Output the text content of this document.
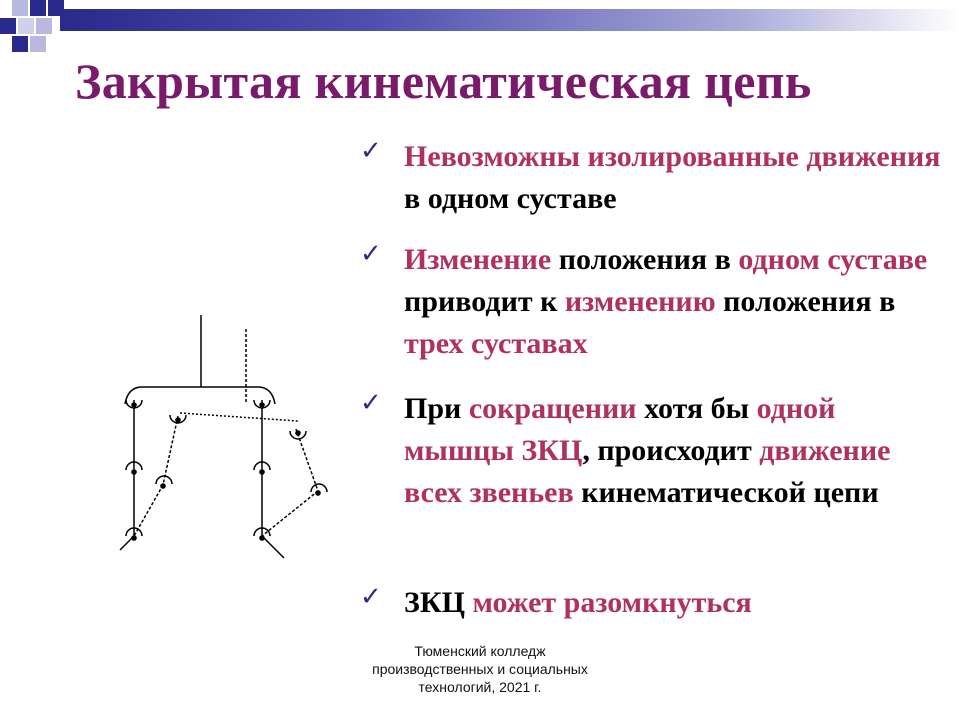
Закрытая кинематическая цепь
✓ Невозможны изолированные движения в одном суставе
✓ Изменение положения в одном суставе приводит к изменению положения в трех суставах
✓ При сокращении хотя бы одной мышцы ЗКЦ, происходит движение всех звеньев кинематической цепи
✓ ЗКЦ может разомкнуться
Тюменский колледж
производственных и социальных
технологий, 2021 г.
